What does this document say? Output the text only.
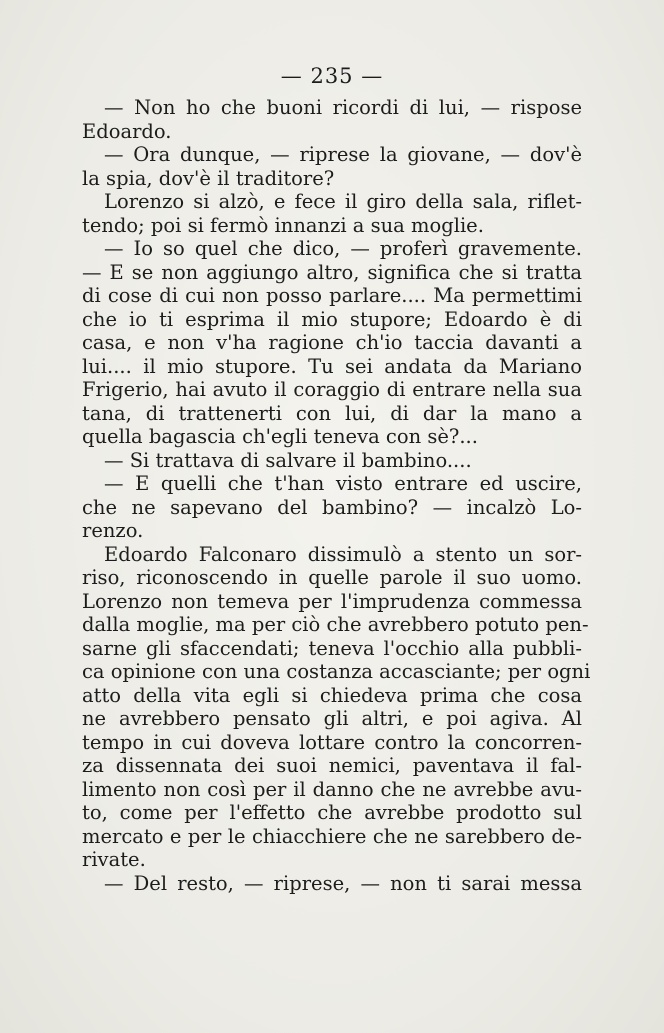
— 235 —
— Non ho che buoni ricordi di lui, — rispose
Edoardo.
— Ora dunque, — riprese la giovane, — dov'è
la spia, dov'è il traditore?
Lorenzo si alzò, e fece il giro della sala, riflet-
tendo; poi si fermò innanzi a sua moglie.
— Io so quel che dico, — proferì gravemente.
— E se non aggiungo altro, significa che si tratta
di cose di cui non posso parlare.... Ma permettimi
che io ti esprima il mio stupore; Edoardo è di
casa, e non v'ha ragione ch'io taccia davanti a
lui.... il mio stupore. Tu sei andata da Mariano
Frigerio, hai avuto il coraggio di entrare nella sua
tana, di trattenerti con lui, di dar la mano a
quella bagascia ch'egli teneva con sè?...
— Si trattava di salvare il bambino....
— E quelli che t'han visto entrare ed uscire,
che ne sapevano del bambino? — incalzò Lo-
renzo.
Edoardo Falconaro dissimulò a stento un sor-
riso, riconoscendo in quelle parole il suo uomo.
Lorenzo non temeva per l'imprudenza commessa
dalla moglie, ma per ciò che avrebbero potuto pen-
sarne gli sfaccendati; teneva l'occhio alla pubbli-
ca opinione con una costanza accasciante; per ogni
atto della vita egli si chiedeva prima che cosa
ne avrebbero pensato gli altri, e poi agiva. Al
tempo in cui doveva lottare contro la concorren-
za dissennata dei suoi nemici, paventava il fal-
limento non così per il danno che ne avrebbe avu-
to, come per l'effetto che avrebbe prodotto sul
mercato e per le chiacchiere che ne sarebbero de-
rivate.
— Del resto, — riprese, — non ti sarai messa
